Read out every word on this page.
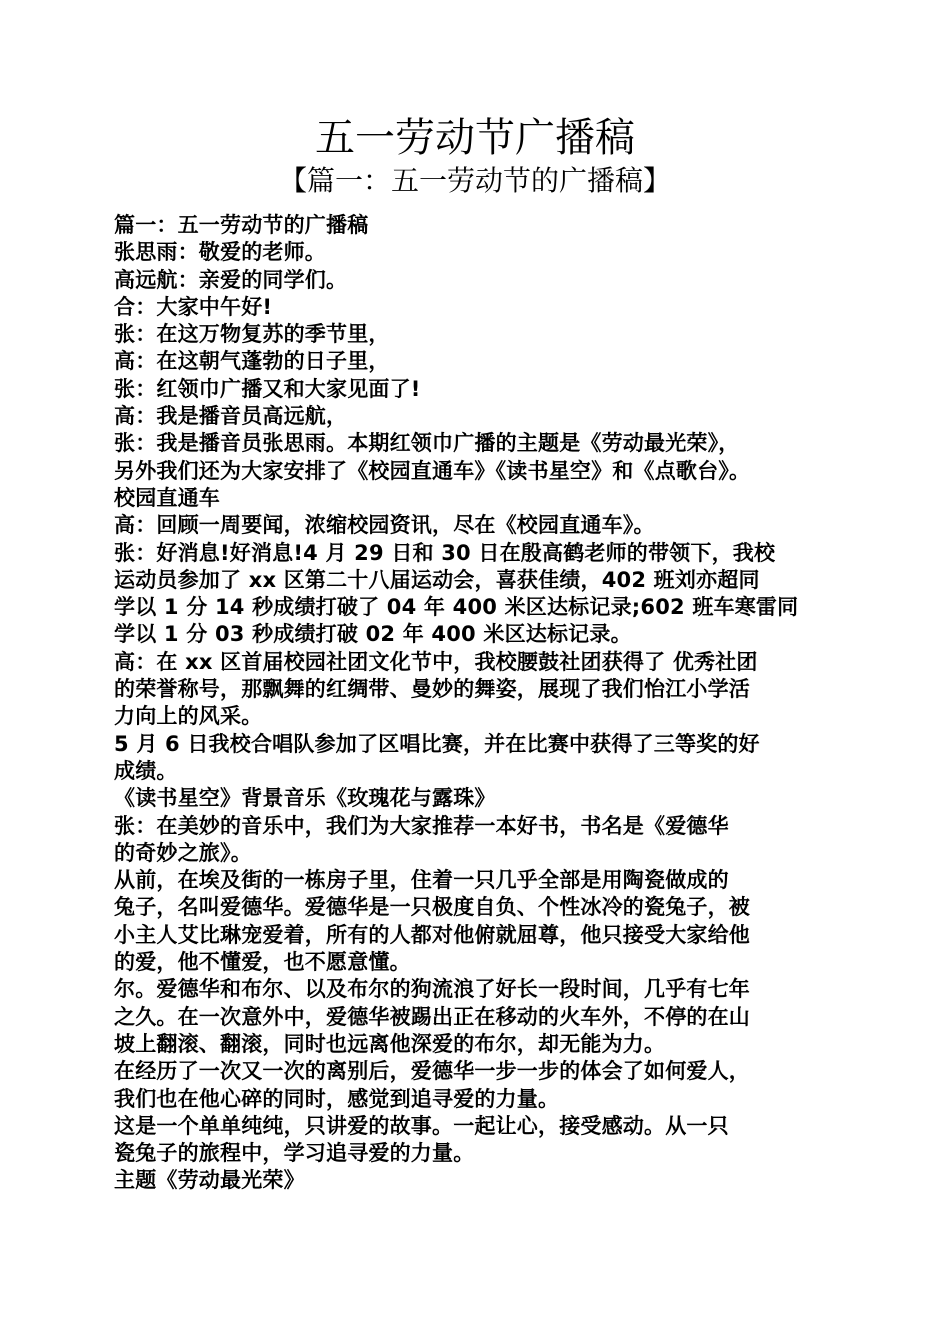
五一劳动节广播稿
【篇一：五一劳动节的广播稿】
篇一：五一劳动节的广播稿
张思雨：敬爱的老师。
高远航：亲爱的同学们。
合：大家中午好!
张：在这万物复苏的季节里，
高：在这朝气蓬勃的日子里，
张：红领巾广播又和大家见面了!
高：我是播音员高远航，
张：我是播音员张思雨。本期红领巾广播的主题是《劳动最光荣》，
另外我们还为大家安排了《校园直通车》《读书星空》和《点歌台》。
校园直通车
高：回顾一周要闻，浓缩校园资讯，尽在《校园直通车》。
张：好消息!好消息!4 月 29 日和 30 日在殷高鹤老师的带领下，我校
运动员参加了 xx 区第二十八届运动会，喜获佳绩，402 班刘亦超同
学以 1 分 14 秒成绩打破了 04 年 400 米区达标记录;602 班车寒雷同
学以 1 分 03 秒成绩打破 02 年 400 米区达标记录。
高：在 xx 区首届校园社团文化节中，我校腰鼓社团获得了 优秀社团
的荣誉称号，那飘舞的红绸带、曼妙的舞姿，展现了我们怡江小学活
力向上的风采。
5 月 6 日我校合唱队参加了区唱比赛，并在比赛中获得了三等奖的好
成绩。
《读书星空》背景音乐《玫瑰花与露珠》
张：在美妙的音乐中，我们为大家推荐一本好书，书名是《爱德华
的奇妙之旅》。
从前，在埃及街的一栋房子里，住着一只几乎全部是用陶瓷做成的
兔子，名叫爱德华。爱德华是一只极度自负、个性冰冷的瓷兔子，被
小主人艾比琳宠爱着，所有的人都对他俯就屈尊，他只接受大家给他
的爱，他不懂爱，也不愿意懂。
尔。爱德华和布尔、以及布尔的狗流浪了好长一段时间，几乎有七年
之久。在一次意外中，爱德华被踢出正在移动的火车外，不停的在山
坡上翻滚、翻滚，同时也远离他深爱的布尔，却无能为力。
在经历了一次又一次的离别后，爱德华一步一步的体会了如何爱人，
我们也在他心碎的同时，感觉到追寻爱的力量。
这是一个单单纯纯，只讲爱的故事。一起让心，接受感动。从一只
瓷兔子的旅程中，学习追寻爱的力量。
主题《劳动最光荣》
